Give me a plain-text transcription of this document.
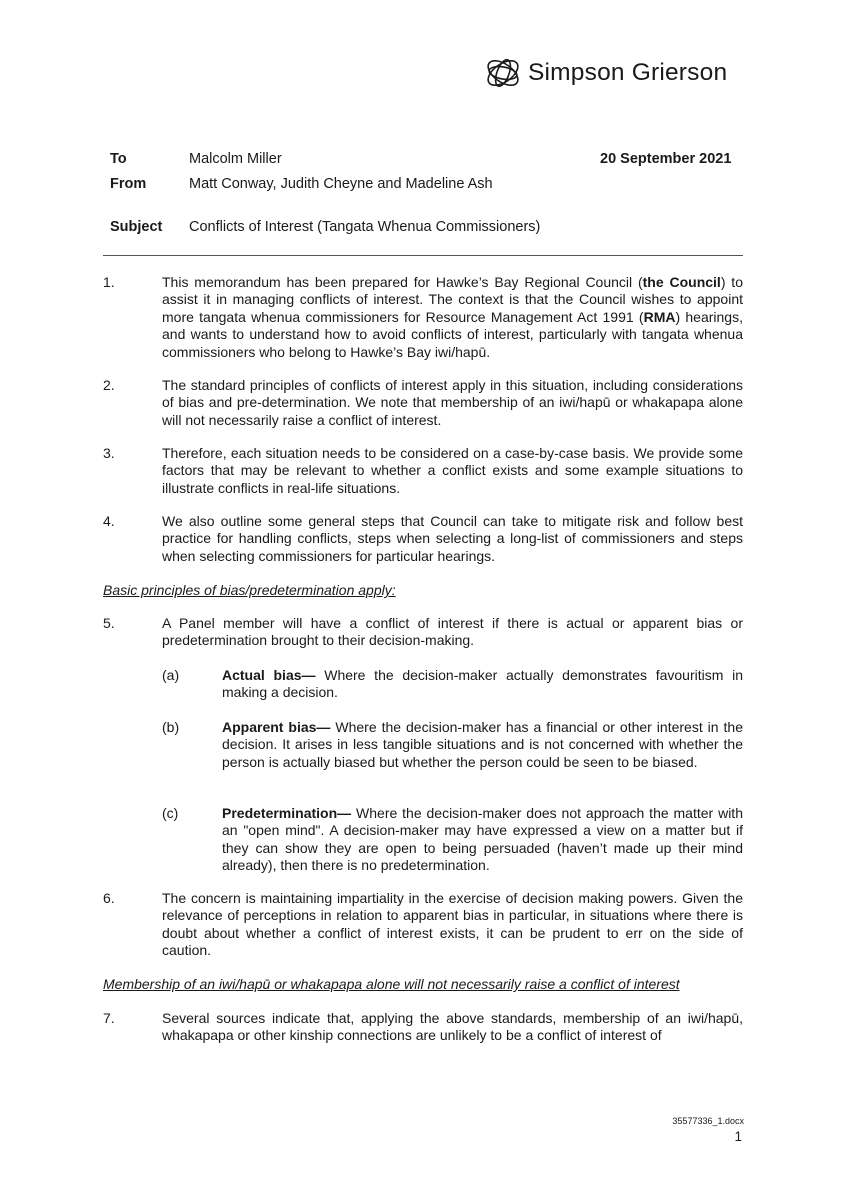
Simpson Grierson
To	Malcolm Miller	20 September 2021
From	Matt Conway, Judith Cheyne and Madeline Ash
Subject Conflicts of Interest (Tangata Whenua Commissioners)
1.	This memorandum has been prepared for Hawke’s Bay Regional Council (the Council) to assist it in managing conflicts of interest. The context is that the Council wishes to appoint more tangata whenua commissioners for Resource Management Act 1991 (RMA) hearings, and wants to understand how to avoid conflicts of interest, particularly with tangata whenua commissioners who belong to Hawke’s Bay iwi/hapū.
2.	The standard principles of conflicts of interest apply in this situation, including considerations of bias and pre-determination. We note that membership of an iwi/hapū or whakapapa alone will not necessarily raise a conflict of interest.
3.	Therefore, each situation needs to be considered on a case-by-case basis. We provide some factors that may be relevant to whether a conflict exists and some example situations to illustrate conflicts in real-life situations.
4.	We also outline some general steps that Council can take to mitigate risk and follow best practice for handling conflicts, steps when selecting a long-list of commissioners and steps when selecting commissioners for particular hearings.
Basic principles of bias/predetermination apply:
5.	A Panel member will have a conflict of interest if there is actual or apparent bias or predetermination brought to their decision-making.
(a)	Actual bias— Where the decision-maker actually demonstrates favouritism in making a decision.
(b)	Apparent bias— Where the decision-maker has a financial or other interest in the decision. It arises in less tangible situations and is not concerned with whether the person is actually biased but whether the person could be seen to be biased.
(c)	Predetermination— Where the decision-maker does not approach the matter with an "open mind". A decision-maker may have expressed a view on a matter but if they can show they are open to being persuaded (haven’t made up their mind already), then there is no predetermination.
6.	The concern is maintaining impartiality in the exercise of decision making powers. Given the relevance of perceptions in relation to apparent bias in particular, in situations where there is doubt about whether a conflict of interest exists, it can be prudent to err on the side of caution.
Membership of an iwi/hapū or whakapapa alone will not necessarily raise a conflict of interest
7.	Several sources indicate that, applying the above standards, membership of an iwi/hapū, whakapapa or other kinship connections are unlikely to be a conflict of interest of
35577336_1.docx
1
